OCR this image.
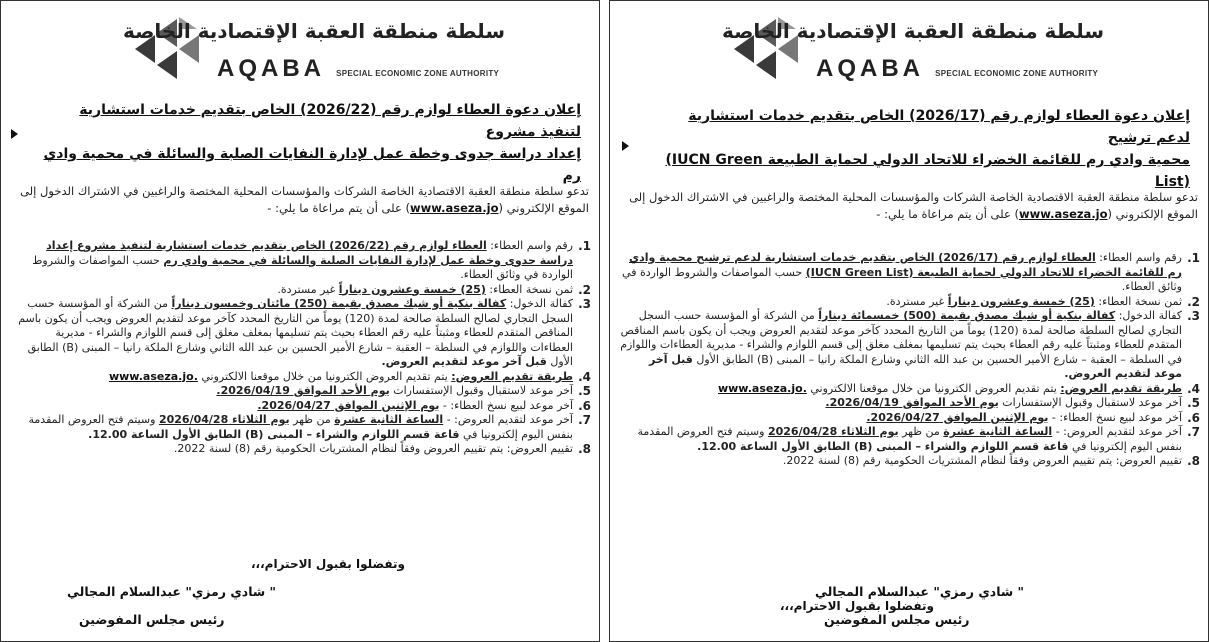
سلطة منطقة العقبة الإقتصادية الخاصة
AQABA SPECIAL ECONOMIC ZONE AUTHORITY
إعلان دعوة العطاء لوازم رقم (2026/22) الخاص بتقديم خدمات استشارية لتنفيذ مشروع
إعداد دراسة جدوى وخطة عمل لإدارة النفايات الصلبة والسائلة في محمية وادي رم
تدعو سلطة منطقة العقبة الاقتصادية الخاصة الشركات والمؤسسات المحلية المختصة والراغبين في الاشتراك الدخول إلى الموقع الإلكتروني (www.aseza.jo) على أن يتم مراعاة ما يلي: -
1.
رقم واسم العطاء: العطاء لوازم رقم (2026/22) الخاص بتقديم خدمات استشارية لتنفيذ مشروع إعداد دراسة جدوى وخطة عمل لإدارة النفايات الصلبة والسائلة في محمية وادي رم حسب المواصفات والشروط الواردة في وثائق العطاء.
2.
ثمن نسخة العطاء: (25) خمسة وعشرون ديناراً غير مستردة.
3.
كفالة الدخول: كفالة بنكية أو شيك مصدق بقيمة (250) مائتان وخمسون ديناراً من الشركة أو المؤسسة حسب السجل التجاري لصالح السلطة صالحة لمدة (120) يوماً من التاريخ المحدد كآخر موعد لتقديم العروض ويجب أن يكون باسم المناقص المتقدم للعطاء ومثبتاً عليه رقم العطاء بحيث يتم تسليمها بمغلف مغلق إلى قسم اللوازم والشراء - مديرية العطاءات واللوازم في السلطة – العقبة – شارع الأمير الحسين بن عبد الله الثاني وشارع الملكة رانيا – المبنى (B) الطابق الأول قبل آخر موعد لتقديم العروض.
4.
طريقة تقديم العروض: يتم تقديم العروض الكترونيا من خلال موقعنا الالكتروني www.aseza.jo.
5.
آخر موعد لاستقبال وقبول الإستفسارات يوم الأحد الموافق 2026/04/19.
6.
آخر موعد لبيع نسخ العطاء: - يوم الإثنين الموافق 2026/04/27.
7.
آخر موعد لتقديم العروض: - الساعة الثانية عشرة من ظهر يوم الثلاثاء 2026/04/28 وسيتم فتح العروض المقدمة بنفس اليوم إلكترونيا في قاعة قسم اللوازم والشراء – المبنى (B) الطابق الأول الساعة 12.00.
8.
تقييم العروض: يتم تقييم العروض وفقاً لنظام المشتريات الحكومية رقم (8) لسنة 2022.
وتفضلوا بقبول الاحترام،،،
" شادي رمزي" عبدالسلام المجالي
رئيس مجلس المفوضين
سلطة منطقة العقبة الإقتصادية الخاصة
AQABA SPECIAL ECONOMIC ZONE AUTHORITY
إعلان دعوة العطاء لوازم رقم (2026/17) الخاص بتقديم خدمات استشارية لدعم ترشيح
محمية وادي رم للقائمة الخضراء للاتحاد الدولي لحماية الطبيعة (IUCN Green List)
تدعو سلطة منطقة العقبة الاقتصادية الخاصة الشركات والمؤسسات المحلية المختصة والراغبين في الاشتراك الدخول إلى الموقع الإلكتروني (www.aseza.jo) على أن يتم مراعاة ما يلي: -
1.
رقم واسم العطاء: العطاء لوازم رقم (2026/17) الخاص بتقديم خدمات استشارية لدعم ترشيح محمية وادي رم للقائمة الخضراء للاتحاد الدولي لحماية الطبيعة (IUCN Green List) حسب المواصفات والشروط الواردة في وثائق العطاء.
2.
ثمن نسخة العطاء: (25) خمسة وعشرون ديناراً غير مستردة.
3.
كفالة الدخول: كفالة بنكية أو شيك مصدق بقيمة (500) خمسمائة ديناراً من الشركة أو المؤسسة حسب السجل التجاري لصالح السلطة صالحة لمدة (120) يوماً من التاريخ المحدد كآخر موعد لتقديم العروض ويجب أن يكون باسم المناقص المتقدم للعطاء ومثبتاً عليه رقم العطاء بحيث يتم تسليمها بمغلف مغلق إلى قسم اللوازم والشراء - مديرية العطاءات واللوازم في السلطة – العقبة – شارع الأمير الحسين بن عبد الله الثاني وشارع الملكة رانيا – المبنى (B) الطابق الأول قبل آخر موعد لتقديم العروض.
4.
طريقة تقديم العروض: يتم تقديم العروض الكترونيا من خلال موقعنا الالكتروني www.aseza.jo.
5.
آخر موعد لاستقبال وقبول الإستفسارات يوم الأحد الموافق 2026/04/19.
6.
آخر موعد لبيع نسخ العطاء: - يوم الإثنين الموافق 2026/04/27.
7.
آخر موعد لتقديم العروض: - الساعة الثانية عشرة من ظهر يوم الثلاثاء 2026/04/28 وسيتم فتح العروض المقدمة بنفس اليوم إلكترونيا في قاعة قسم اللوازم والشراء – المبنى (B) الطابق الأول الساعة 12.00.
8.
تقييم العروض: يتم تقييم العروض وفقاً لنظام المشتريات الحكومية رقم (8) لسنة 2022.
وتفضلوا بقبول الاحترام،،،
" شادي رمزي" عبدالسلام المجالي
رئيس مجلس المفوضين
